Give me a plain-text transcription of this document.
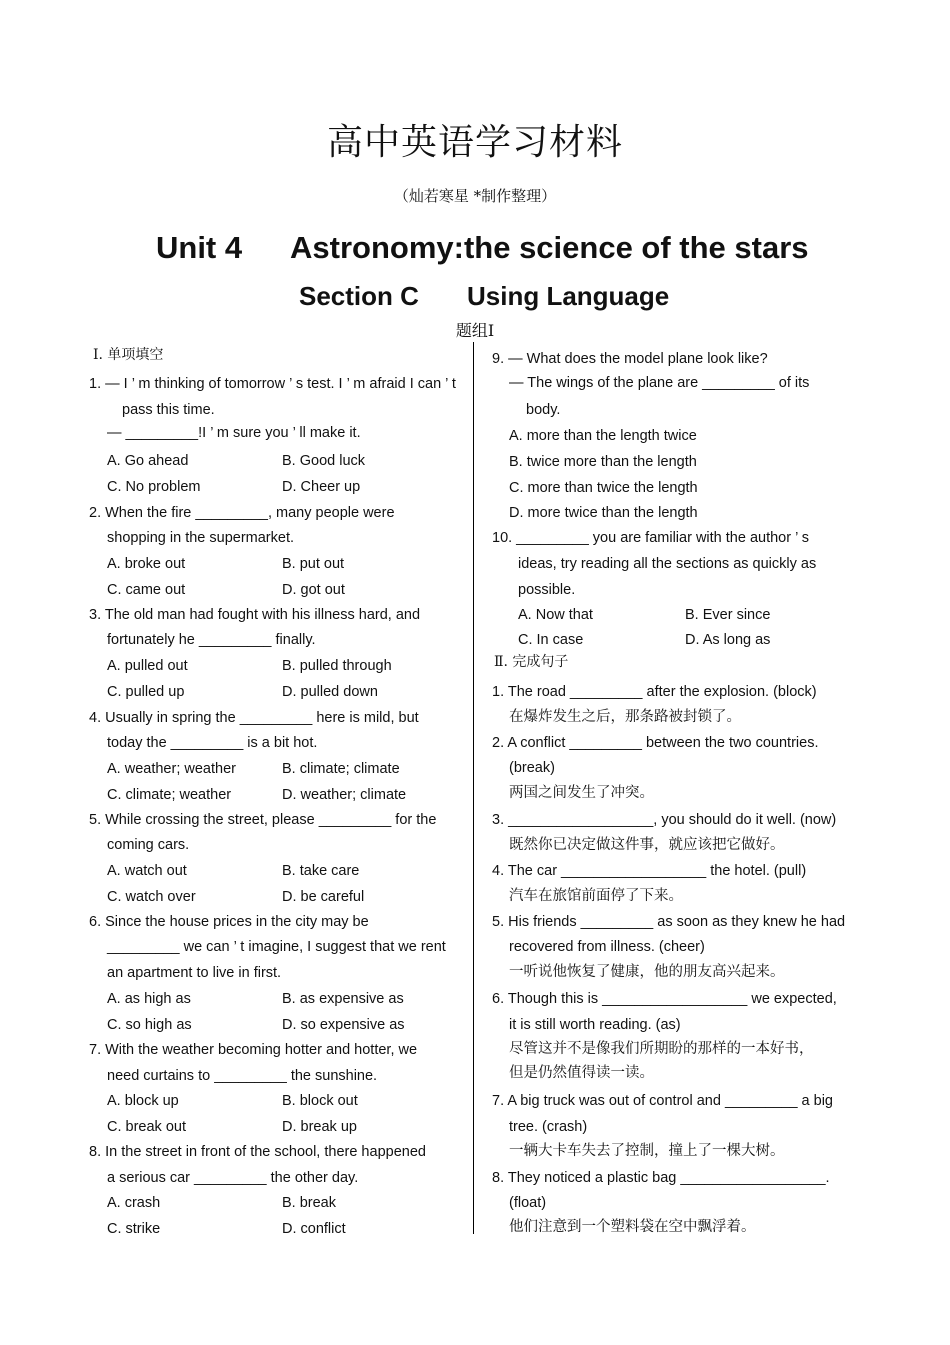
高中英语学习材料
（灿若寒星 *制作整理）
Unit 4 Astronomy:the science of the stars
Section C Using Language
题组Ⅰ
Ⅰ. 单项填空
1. — I ’ m thinking of tomorrow ’ s test. I ’ m afraid I can ’ t
pass this time.
— _________!I ’ m sure you ’ ll make it.
A. Go ahead	B. Good luck
C. No problem	D. Cheer up
2. When the fire _________, many people were
shopping in the supermarket.
A. broke out	B. put out
C. came out	D. got out
3. The old man had fought with his illness hard, and
fortunately he _________ finally.
A. pulled out	B. pulled through
C. pulled up	D. pulled down
4. Usually in spring the _________ here is mild, but
today the _________ is a bit hot.
A. weather; weather	B. climate; climate
C. climate; weather	D. weather; climate
5. While crossing the street, please _________ for the
coming cars.
A. watch out	B. take care
C. watch over	D. be careful
6. Since the house prices in the city may be
_________ we can ’ t imagine, I suggest that we rent
an apartment to live in first.
A. as high as	B. as expensive as
C. so high as	D. so expensive as
7. With the weather becoming hotter and hotter, we
need curtains to _________ the sunshine.
A. block up	B. block out
C. break out	D. break up
8. In the street in front of the school, there happened
a serious car _________ the other day.
A. crash	B. break
C. strike	D. conflict
9. — What does the model plane look like?
— The wings of the plane are _________ of its
body.
A. more than the length twice
B. twice more than the length
C. more than twice the length
D. more twice than the length
10. _________ you are familiar with the author ’ s
ideas, try reading all the sections as quickly as
possible.
A. Now that	B. Ever since
C. In case	D. As long as
Ⅱ. 完成句子
1. The road _________ after the explosion. (block)
在爆炸发生之后，那条路被封锁了。
2. A conflict _________ between the two countries.
(break)
两国之间发生了冲突。
3. __________________, you should do it well. (now)
既然你已决定做这件事，就应该把它做好。
4. The car __________________ the hotel. (pull)
汽车在旅馆前面停了下来。
5. His friends _________ as soon as they knew he had
recovered from illness. (cheer)
一听说他恢复了健康，他的朋友高兴起来。
6. Though this is __________________ we expected,
it is still worth reading. (as)
尽管这并不是像我们所期盼的那样的一本好书，
但是仍然值得读一读。
7. A big truck was out of control and _________ a big
tree. (crash)
一辆大卡车失去了控制，撞上了一棵大树。
8. They noticed a plastic bag __________________.
(float)
他们注意到一个塑料袋在空中飘浮着。
